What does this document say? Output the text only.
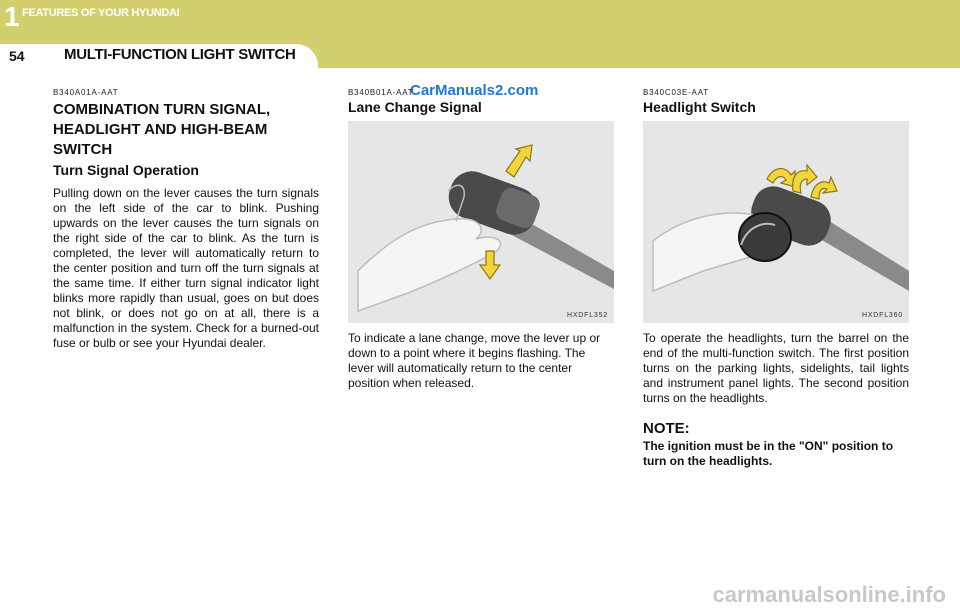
1 FEATURES OF YOUR HYUNDAI
54	MULTI-FUNCTION LIGHT SWITCH
CarManuals2.com
B340A01A-AAT
COMBINATION TURN SIGNAL,
HEADLIGHT AND HIGH-BEAM
SWITCH
Turn Signal Operation
Pulling down on the lever causes the turn signals on the left side of the car to blink. Pushing upwards on the lever causes the turn signals on the right side of the car to blink. As the turn is completed, the lever will automatically return to the center position and turn off the turn signals at the same time. If either turn signal indicator light blinks more rapidly than usual, goes on but does not blink, or does not go on at all, there is a malfunction in the system. Check for a burned-out fuse or bulb or see your Hyundai dealer.
B340B01A-AAT
Lane Change Signal
HXDFL352
To indicate a lane change, move the lever up or down to a point where it begins flashing. The lever will automatically return to the center position when released.
B340C03E-AAT
Headlight Switch
HXDFL360
To operate the headlights, turn the barrel on the end of the multi-function switch. The first position turns on the parking lights, sidelights, tail lights and instrument panel lights. The second position turns on the headlights.
NOTE:
The ignition must be in the "ON" position to turn on the headlights.
carmanualsonline.info
